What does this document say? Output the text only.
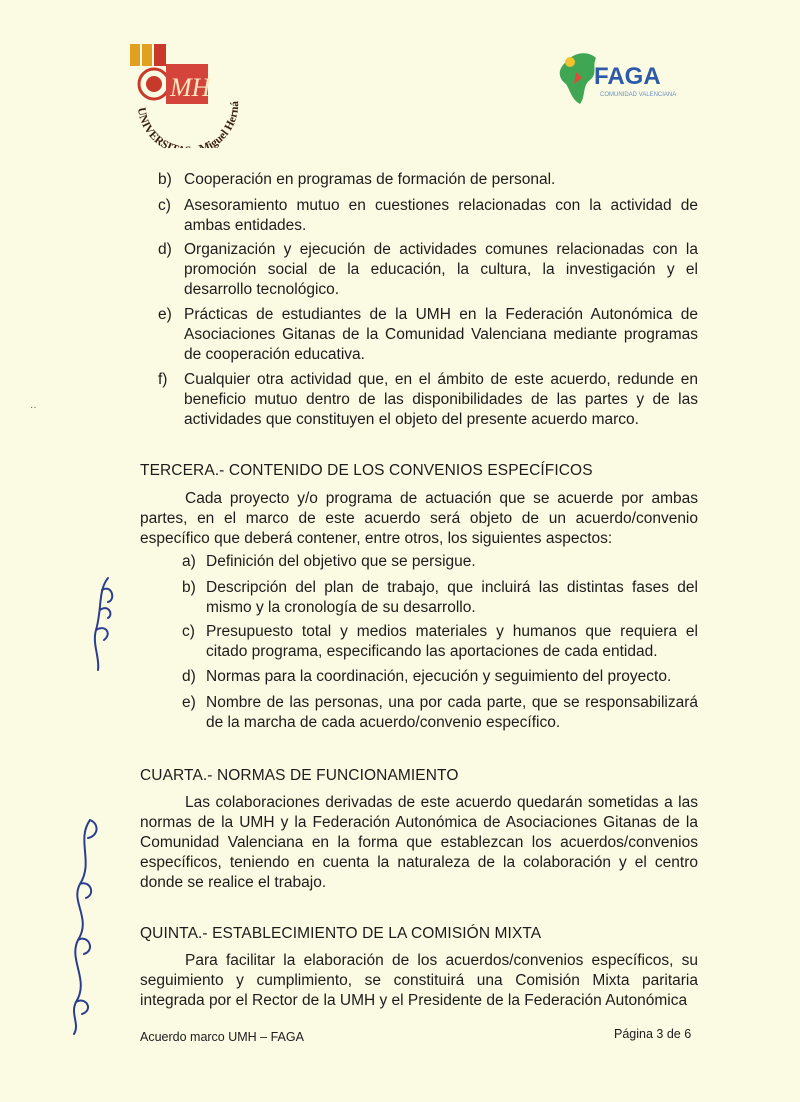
MH
UNIVERSI iguel Herná
FAGA
COMUNIDAD VALENCIANA
b) Cooperación en programas de formación de personal.
c) Asesoramiento mutuo en cuestiones relacionadas con la actividad de ambas entidades.
d) Organización y ejecución de actividades comunes relacionadas con la promoción social de la educación, la cultura, la investigación y el desarrollo tecnológico.
e) Prácticas de estudiantes de la UMH en la Federación Autonómica de Asociaciones Gitanas de la Comunidad Valenciana mediante programas de cooperación educativa.
f)	Cualquier otra actividad que, en el ámbito de este acuerdo, redunde en beneficio mutuo dentro de las disponibilidades de las partes y de las actividades que constituyen el objeto del presente acuerdo marco.
TERCERA.- CONTENIDO DE LOS CONVENIOS ESPECÍFICOS
Cada proyecto y/o programa de actuación que se acuerde por ambas partes, en el marco de este acuerdo será objeto de un acuerdo/convenio específico que deberá contener, entre otros, los siguientes aspectos:
a) Definición del objetivo que se persigue.
b) Descripción del plan de trabajo, que incluirá las distintas fases del mismo y la cronología de su desarrollo.
c) Presupuesto total y medios materiales y humanos que requiera el citado programa, especificando las aportaciones de cada entidad.
d) Normas para la coordinación, ejecución y seguimiento del proyecto.
e) Nombre de las personas, una por cada parte, que se responsabilizará de la marcha de cada acuerdo/convenio específico.
CUARTA.- NORMAS DE FUNCIONAMIENTO
Las colaboraciones derivadas de este acuerdo quedarán sometidas a las normas de la UMH y la Federación Autonómica de Asociaciones Gitanas de la Comunidad Valenciana en la forma que establezcan los acuerdos/convenios específicos, teniendo en cuenta la naturaleza de la colaboración y el centro donde se realice el trabajo.
QUINTA.- ESTABLECIMIENTO DE LA COMISIÓN MIXTA
Para facilitar la elaboración de los acuerdos/convenios específicos, su seguimiento y cumplimiento, se constituirá una Comisión Mixta paritaria integrada por el Rector de la UMH y el Presidente de la Federación Autonómica
Acuerdo marco UMH – FAGA	Página 3 de 6
··
